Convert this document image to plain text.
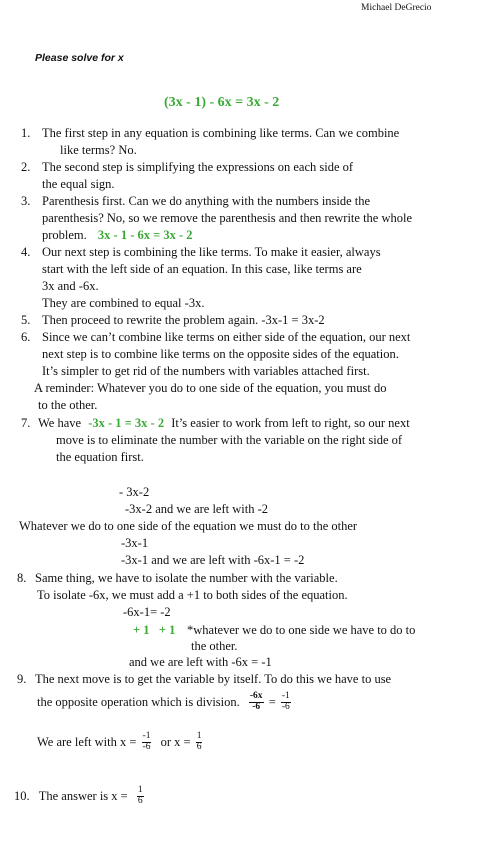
Michael DeGrecio
Please solve for x
(3x - 1) - 6x = 3x - 2
1. The first step in any equation is combining like terms. Can we combine
like terms? No.
2. The second step is simplifying the expressions on each side of
the equal sign.
3. Parenthesis first. Can we do anything with the numbers inside the
parenthesis? No, so we remove the parenthesis and then rewrite the whole
problem. 3x - 1 - 6x = 3x - 2
4. Our next step is combining the like terms. To make it easier, always
start with the left side of an equation. In this case, like terms are
3x and -6x.
They are combined to equal -3x.
5. Then proceed to rewrite the problem again. -3x-1 = 3x-2
6. Since we can’t combine like terms on either side of the equation, our next
next step is to combine like terms on the opposite sides of the equation.
It’s simpler to get rid of the numbers with variables attached first.
A reminder: Whatever you do to one side of the equation, you must do
to the other.
7. We have -3x - 1 = 3x - 2 It’s easier to work from left to right, so our next
move is to eliminate the number with the variable on the right side of
the equation first.
- 3x-2
-3x-2 and we are left with -2
Whatever we do to one side of the equation we must do to the other
-3x-1
-3x-1 and we are left with -6x-1 = -2
8. Same thing, we have to isolate the number with the variable.
To isolate -6x, we must add a +1 to both sides of the equation.
-6x-1= -2
+ 1   + 1 *whatever we do to one side we have to do to
the other.
and we are left with -6x = -1
9. The next move is to get the variable by itself. To do this we have to use
the opposite operation which is division. $\frac{-6x}{-6} = \frac{-1}{-6}$
We are left with $x = \frac{-1}{-6}$ or $x = \frac{1}{6}$
10. The answer is $x = \frac{1}{6}$
